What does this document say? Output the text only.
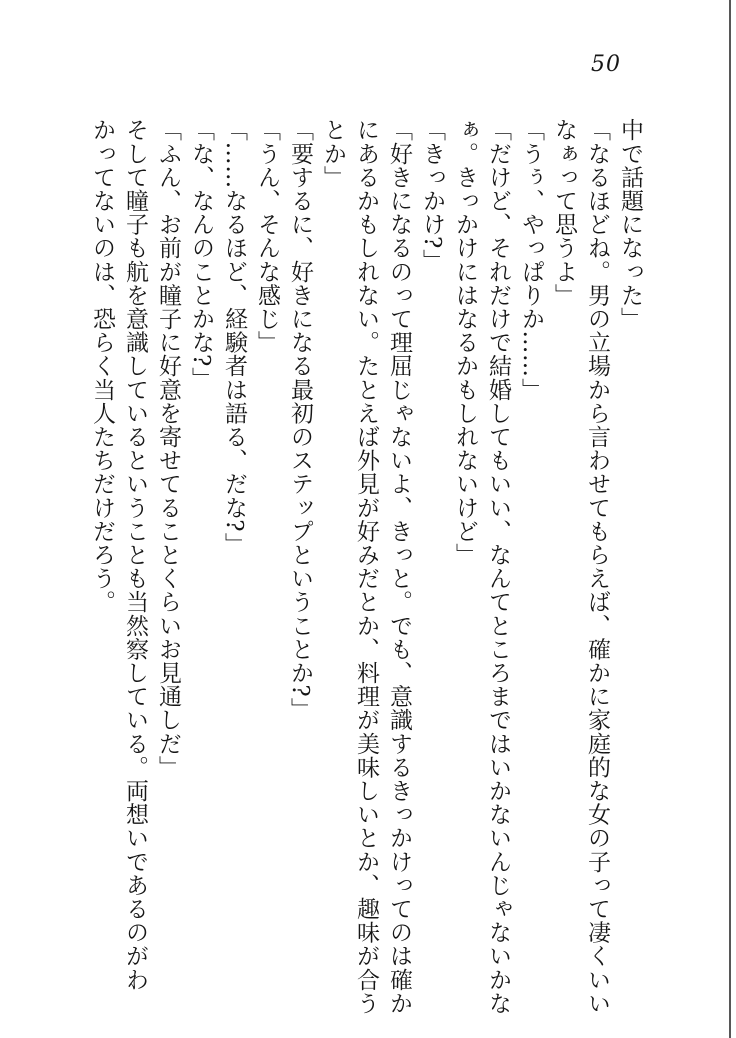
50
中で話題になった」
「なるほどね。男の立場から言わせてもらえば、確かに家庭的な女の子って凄くいい
なぁって思うよ」
「うぅ、やっぱりか……」
「だけど、それだけで結婚してもいい、なんてところまではいかないんじゃないかな
ぁ。きっかけにはなるかもしれないけど」
「きっかけ?」
「好きになるのって理屈じゃないよ、きっと。でも、意識するきっかけってのは確か
にあるかもしれない。たとえば外見が好みだとか、料理が美味しいとか、趣味が合う
とか」
「要するに、好きになる最初のステップということか?」
「うん、そんな感じ」
「……なるほど、経験者は語る、だな?」
「な、なんのことかな?」
「ふん、お前が瞳子に好意を寄せてることくらいお見通しだ」
そして瞳子も航を意識しているということも当然察している。両想いであるのがわ
かってないのは、恐らく当人たちだけだろう。
